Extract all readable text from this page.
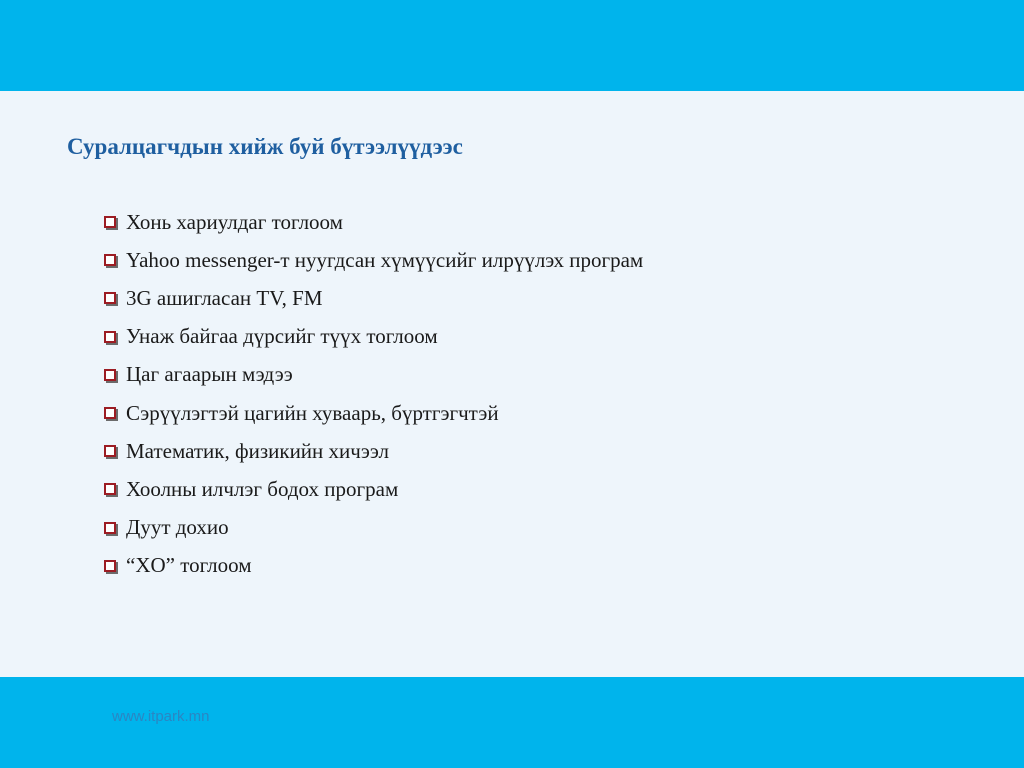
Суралцагчдын хийж буй бүтээлүүдээс
Хонь хариулдаг тоглоом
Yahoo messenger-т нуугдсан хүмүүсийг илрүүлэх програм
3G ашигласан TV, FM
Унаж байгаа дүрсийг түүх тоглоом
Цаг агаарын мэдээ
Сэрүүлэгтэй цагийн хуваарь, бүртгэгчтэй
Математик, физикийн хичээл
Хоолны илчлэг бодох програм
Дуут дохио
“XO” тоглоом
www.itpark.mn
